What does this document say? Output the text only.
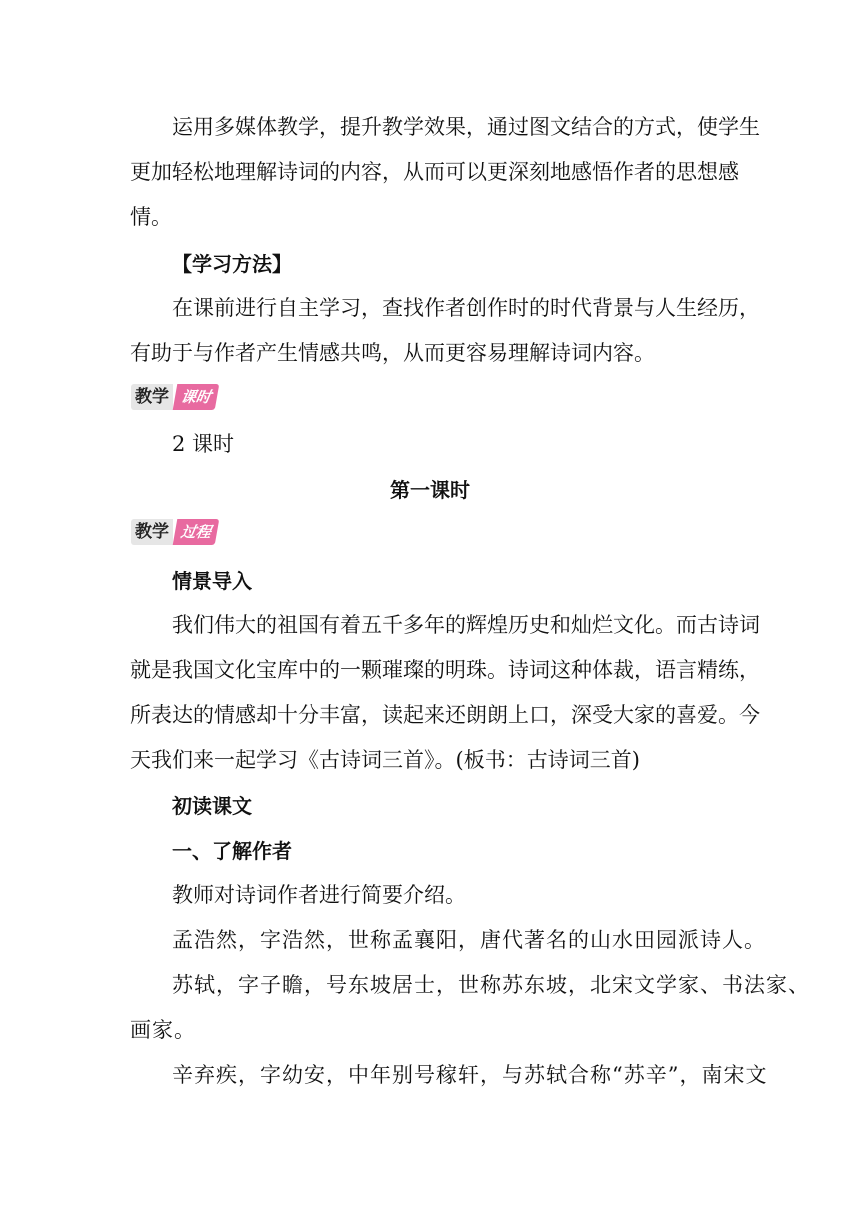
运用多媒体教学，提升教学效果，通过图文结合的方式，使学生
更加轻松地理解诗词的内容，从而可以更深刻地感悟作者的思想感
情。
【学习方法】
在课前进行自主学习，查找作者创作时的时代背景与人生经历，
有助于与作者产生情感共鸣，从而更容易理解诗词内容。
教学 课时
2 课时
第一课时
教学 过程
情景导入
我们伟大的祖国有着五千多年的辉煌历史和灿烂文化。而古诗词
就是我国文化宝库中的一颗璀璨的明珠。诗词这种体裁，语言精练，
所表达的情感却十分丰富，读起来还朗朗上口，深受大家的喜爱。今
天我们来一起学习《古诗词三首》。(板书：古诗词三首)
初读课文
一、了解作者
教师对诗词作者进行简要介绍。
孟浩然，字浩然，世称孟襄阳，唐代著名的山水田园派诗人。
苏轼，字子瞻，号东坡居士，世称苏东坡，北宋文学家、书法家、
画家。
辛弃疾，字幼安，中年别号稼轩，与苏轼合称“苏辛”，南宋文
